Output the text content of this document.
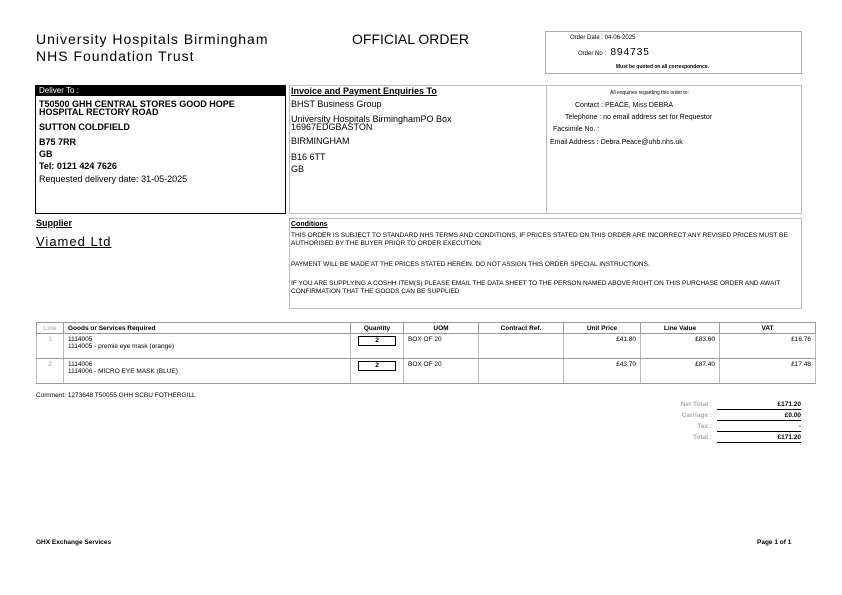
University Hospitals Birmingham
NHS Foundation Trust
OFFICIAL ORDER	Order Date : 04-06-2025
Order No : 894735
Must be quoted on all correspondence.
Deliver To :
T50500 GHH CENTRAL STORES GOOD HOPE
HOSPITAL RECTORY ROAD
SUTTON COLDFIELD
B75 7RR
GB
Tel: 0121 424 7626
Requested delivery date: 31-05-2025
Invoice and Payment Enquiries To
BHST Business Group
University Hospitals BirminghamPO Box
16967EDGBASTON
BIRMINGHAM
B16 6TT
GB
All enquiries regarding this order to:
Contact : PEACE, Miss DEBRA
Telephone : no email address set for Requestor
Facsimile No. :
Email Address : Debra.Peace@uhb.nhs.uk
Supplier
Viamed Ltd
Conditions
THIS ORDER IS SUBJECT TO STANDARD NHS TERMS AND CONDITIONS. IF PRICES STATED ON THIS ORDER ARE INCORRECT ANY REVISED PRICES MUST BE AUTHORISED BY THE BUYER PRIOR TO ORDER EXECUTION.
PAYMENT WILL BE MADE AT THE PRICES STATED HEREIN. DO NOT ASSIGN THIS ORDER SPECIAL INSTRUCTIONS.
IF YOU ARE SUPPLYING A COSHH ITEM(S) PLEASE EMAIL THE DATA SHEET TO THE PERSON NAMED ABOVE RIGHT ON THIS PURCHASE ORDER AND AWAIT CONFIRMATION THAT THE GOODS CAN BE SUPPLIED
Line	Goods or Services Required	Quantity	UOM	Contract Ref.	Unit Price	Line Value	VAT
1	1114005
1114005 - premie eye mask (orange)	2	BOX OF 20		£41.80	£83.60	£16.76
2	1114006
1114006 - MICRO EYE MASK (BLUE)	2	BOX OF 20		£43.70	£87.40	£17.48
Comment: 1273648 T50055 GHH SCBU FOTHERGILL
Net Total :	£171.20
Carriage :	£0.00
Tax :	-
Total :	£171.20
GHX Exchange Services	Page 1 of 1
